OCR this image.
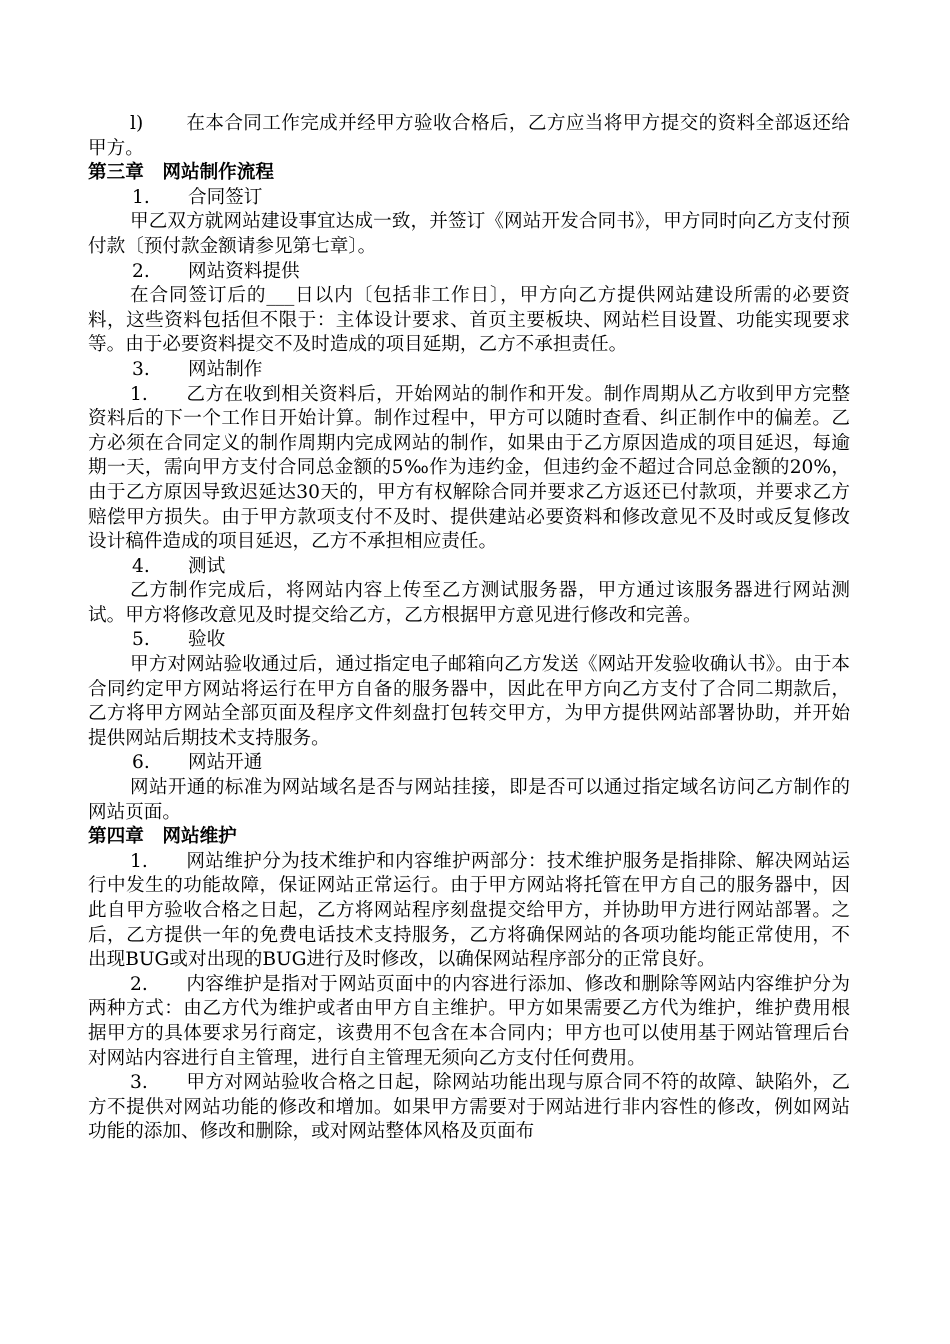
l) 在本合同工作完成并经甲方验收合格后，乙方应当将甲方提交的资料全部返还给甲方。

第三章　网站制作流程

1. 合同签订

甲乙双方就网站建设事宜达成一致，并签订《网站开发合同书》，甲方同时向乙方支付预付款〔预付款金额请参见第七章〕。

2. 网站资料提供

在合同签订后的___日以内〔包括非工作日〕，甲方向乙方提供网站建设所需的必要资料，这些资料包括但不限于：主体设计要求、首页主要板块、网站栏目设置、功能实现要求等。由于必要资料提交不及时造成的项目延期，乙方不承担责任。

3. 网站制作

1. 乙方在收到相关资料后，开始网站的制作和开发。制作周期从乙方收到甲方完整资料后的下一个工作日开始计算。制作过程中，甲方可以随时查看、纠正制作中的偏差。乙方必须在合同定义的制作周期内完成网站的制作，如果由于乙方原因造成的项目延迟，每逾期一天，需向甲方支付合同总金额的5‰作为违约金，但违约金不超过合同总金额的20%，由于乙方原因导致迟延达30天的，甲方有权解除合同并要求乙方返还已付款项，并要求乙方赔偿甲方损失。由于甲方款项支付不及时、提供建站必要资料和修改意见不及时或反复修改设计稿件造成的项目延迟，乙方不承担相应责任。

4. 测试

乙方制作完成后，将网站内容上传至乙方测试服务器，甲方通过该服务器进行网站测试。甲方将修改意见及时提交给乙方，乙方根据甲方意见进行修改和完善。

5. 验收

甲方对网站验收通过后，通过指定电子邮箱向乙方发送《网站开发验收确认书》。由于本合同约定甲方网站将运行在甲方自备的服务器中，因此在甲方向乙方支付了合同二期款后，乙方将甲方网站全部页面及程序文件刻盘打包转交甲方，为甲方提供网站部署协助，并开始提供网站后期技术支持服务。

6. 网站开通

网站开通的标准为网站域名是否与网站挂接，即是否可以通过指定域名访问乙方制作的网站页面。

第四章　网站维护

1. 网站维护分为技术维护和内容维护两部分：技术维护服务是指排除、解决网站运行中发生的功能故障，保证网站正常运行。由于甲方网站将托管在甲方自己的服务器中，因此自甲方验收合格之日起，乙方将网站程序刻盘提交给甲方，并协助甲方进行网站部署。之后，乙方提供一年的免费电话技术支持服务，乙方将确保网站的各项功能均能正常使用，不出现BUG或对出现的BUG进行及时修改，以确保网站程序部分的正常良好。

2. 内容维护是指对于网站页面中的内容进行添加、修改和删除等网站内容维护分为两种方式：由乙方代为维护或者由甲方自主维护。甲方如果需要乙方代为维护，维护费用根据甲方的具体要求另行商定，该费用不包含在本合同内；甲方也可以使用基于网站管理后台对网站内容进行自主管理，进行自主管理无须向乙方支付任何费用。

3. 甲方对网站验收合格之日起，除网站功能出现与原合同不符的故障、缺陷外，乙方不提供对网站功能的修改和增加。如果甲方需要对于网站进行非内容性的修改，例如网站功能的添加、修改和删除，或对网站整体风格及页面布
